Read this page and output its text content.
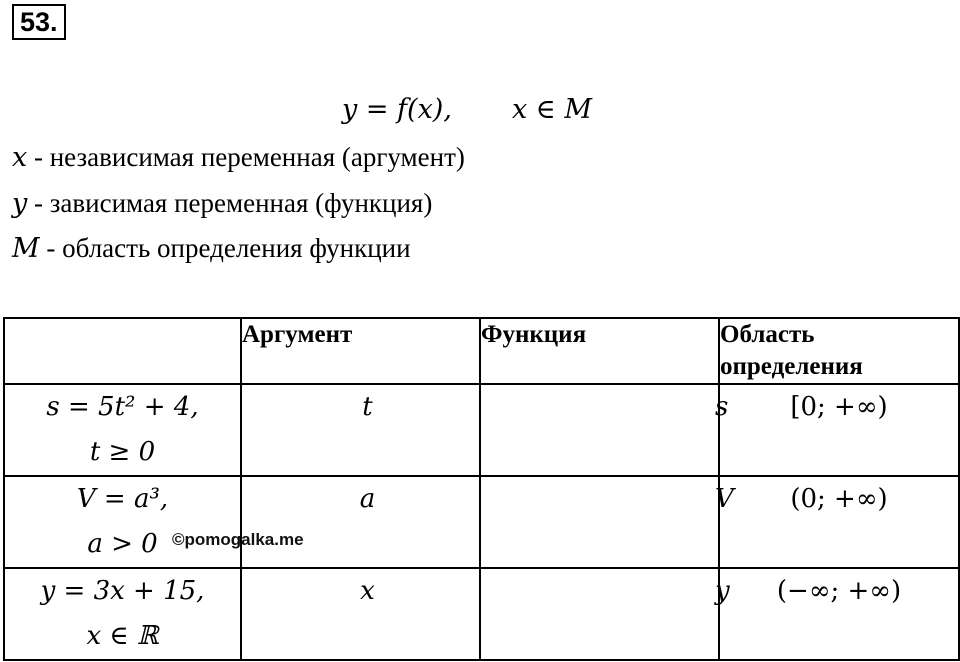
53.
y = f(x), x ∈ M
x - независимая переменная (аргумент)
y - зависимая переменная (функция)
M - область определения функции
	Аргумент	Функция	Область определения

s = 5t² + 4,
t ≥ 0	t	s	[0; +∞)

V = a³,
a > 0	a	V	(0; +∞)

y = 3x + 15,
x ∈ ℝ	x	y	(−∞; +∞)
©pomogalka.me
